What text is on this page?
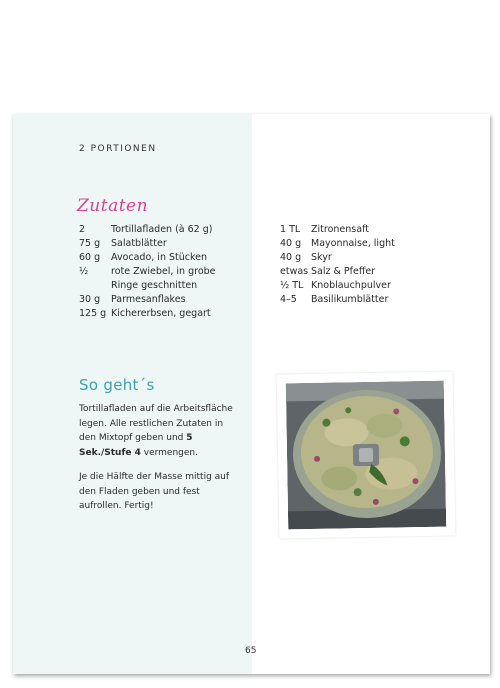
2 PORTIONEN
Zutaten
2	Tortillafladen (à 62 g)
75 g	Salatblätter
60 g	Avocado, in Stücken
½	rote Zwiebel, in grobe
Ringe geschnitten
30 g	Parmesanflakes
125 g Kichererbsen, gegart
1 TL	Zitronensaft
40 g	Mayonnaise, light
40 g	Skyr
etwas Salz & Pfeffer
½ TL Knoblauchpulver
4–5	Basilikumblätter
So geht´s
Tortillafladen auf die Arbeitsfläche legen. Alle restlichen Zutaten in den Mixtopf geben und 5 Sek./Stufe 4 vermengen.
Je die Hälfte der Masse mittig auf den Fladen geben und fest aufrollen. Fertig!
65
